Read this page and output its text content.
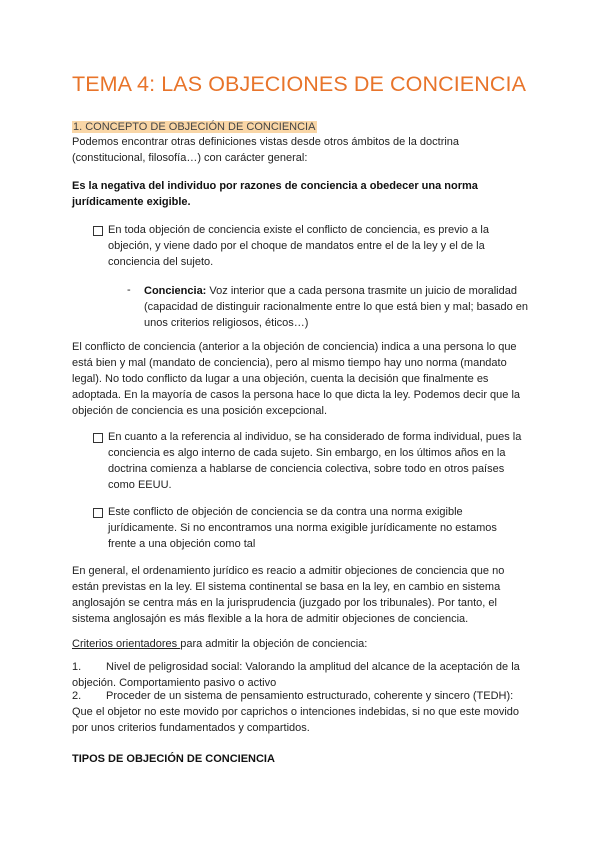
TEMA 4: LAS OBJECIONES DE CONCIENCIA
1. CONCEPTO DE OBJECIÓN DE CONCIENCIA
Podemos encontrar otras definiciones vistas desde otros ámbitos de la doctrina (constitucional, filosofía…) con carácter general:
Es la negativa del individuo por razones de conciencia a obedecer una norma jurídicamente exigible.
En toda objeción de conciencia existe el conflicto de conciencia, es previo a la objeción, y viene dado por el choque de mandatos entre el de la ley y el de la conciencia del sujeto.
- Conciencia: Voz interior que a cada persona trasmite un juicio de moralidad (capacidad de distinguir racionalmente entre lo que está bien y mal; basado en unos criterios religiosos, éticos…)
El conflicto de conciencia (anterior a la objeción de conciencia) indica a una persona lo que está bien y mal (mandato de conciencia), pero al mismo tiempo hay uno norma (mandato legal). No todo conflicto da lugar a una objeción, cuenta la decisión que finalmente es adoptada. En la mayoría de casos la persona hace lo que dicta la ley. Podemos decir que la objeción de conciencia es una posición excepcional.
En cuanto a la referencia al individuo, se ha considerado de forma individual, pues la conciencia es algo interno de cada sujeto. Sin embargo, en los últimos años en la doctrina comienza a hablarse de conciencia colectiva, sobre todo en otros países como EEUU.
Este conflicto de objeción de conciencia se da contra una norma exigible jurídicamente. Si no encontramos una norma exigible jurídicamente no estamos frente a una objeción como tal
En general, el ordenamiento jurídico es reacio a admitir objeciones de conciencia que no están previstas en la ley. El sistema continental se basa en la ley, en cambio en sistema anglosajón se centra más en la jurisprudencia (juzgado por los tribunales). Por tanto, el sistema anglosajón es más flexible a la hora de admitir objeciones de conciencia.
Criterios orientadores para admitir la objeción de conciencia:
1. Nivel de peligrosidad social: Valorando la amplitud del alcance de la aceptación de la objeción. Comportamiento pasivo o activo
2. Proceder de un sistema de pensamiento estructurado, coherente y sincero (TEDH): Que el objetor no este movido por caprichos o intenciones indebidas, si no que este movido por unos criterios fundamentados y compartidos.
TIPOS DE OBJECIÓN DE CONCIENCIA
